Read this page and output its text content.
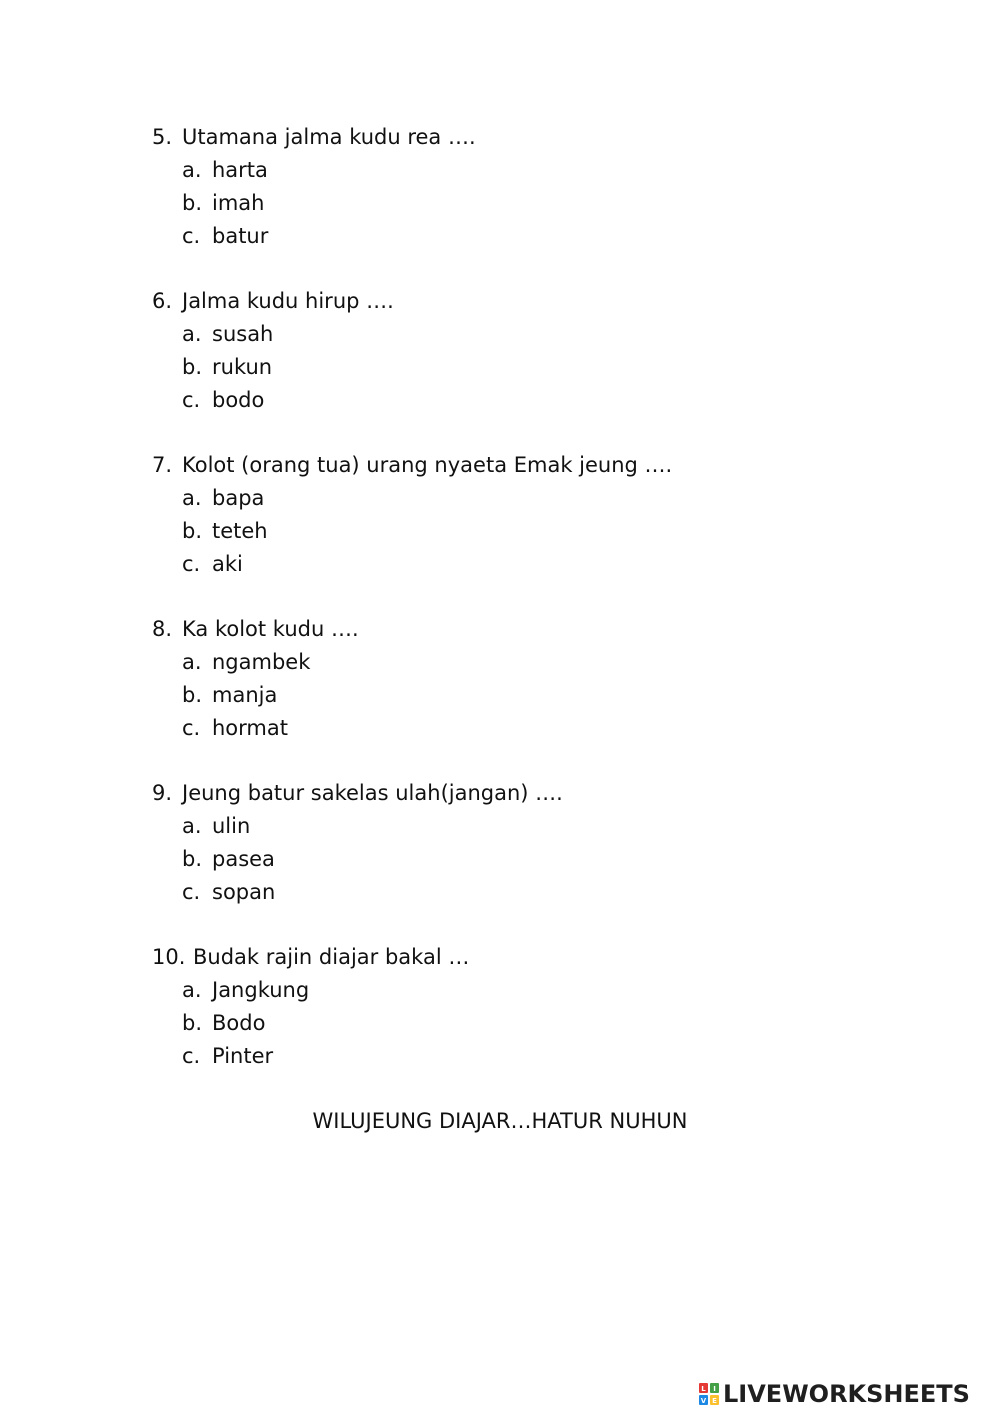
5. Utamana jalma kudu rea ….
a. harta
b. imah
c. batur
6. Jalma kudu hirup ….
a. susah
b. rukun
c. bodo
7. Kolot (orang tua) urang nyaeta Emak jeung ….
a. bapa
b. teteh
c. aki
8. Ka kolot kudu ….
a. ngambek
b. manja
c. hormat
9. Jeung batur sakelas ulah(jangan) ….
a. ulin
b. pasea
c. sopan
10. Budak rajin diajar bakal …
a. Jangkung
b. Bodo
c. Pinter
WILUJEUNG DIAJAR…HATUR NUHUN
L I
V E LIVEWORKSHEETS
